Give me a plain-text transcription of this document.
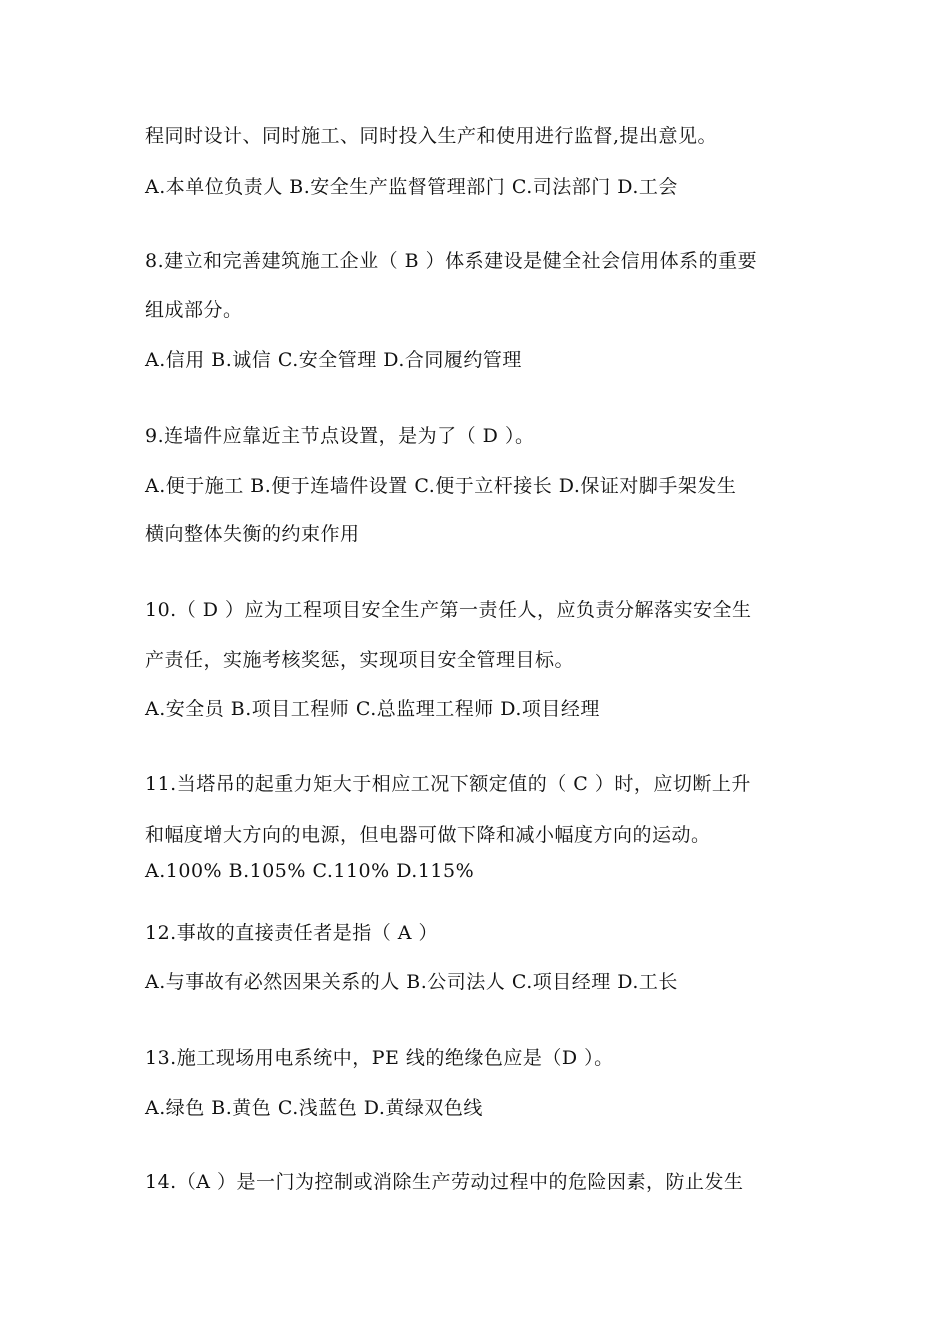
程同时设计、同时施工、同时投入生产和使用进行监督,提出意见。
A.本单位负责人 B.安全生产监督管理部门 C.司法部门 D.工会
8.建立和完善建筑施工企业（ B ）体系建设是健全社会信用体系的重要
组成部分。
A.信用 B.诚信 C.安全管理 D.合同履约管理
9.连墙件应靠近主节点设置，是为了（ D ）。
A.便于施工 B.便于连墙件设置 C.便于立杆接长 D.保证对脚手架发生
横向整体失衡的约束作用
10.（ D ）应为工程项目安全生产第一责任人，应负责分解落实安全生
产责任，实施考核奖惩，实现项目安全管理目标。
A.安全员 B.项目工程师 C.总监理工程师 D.项目经理
11.当塔吊的起重力矩大于相应工况下额定值的（ C ）时，应切断上升
和幅度增大方向的电源，但电器可做下降和减小幅度方向的运动。
A.100% B.105% C.110% D.115%
12.事故的直接责任者是指（ A ）
A.与事故有必然因果关系的人 B.公司法人 C.项目经理 D.工长
13.施工现场用电系统中，PE 线的绝缘色应是（D ）。
A.绿色 B.黄色 C.浅蓝色 D.黄绿双色线
14.（A ）是一门为控制或消除生产劳动过程中的危险因素，防止发生
